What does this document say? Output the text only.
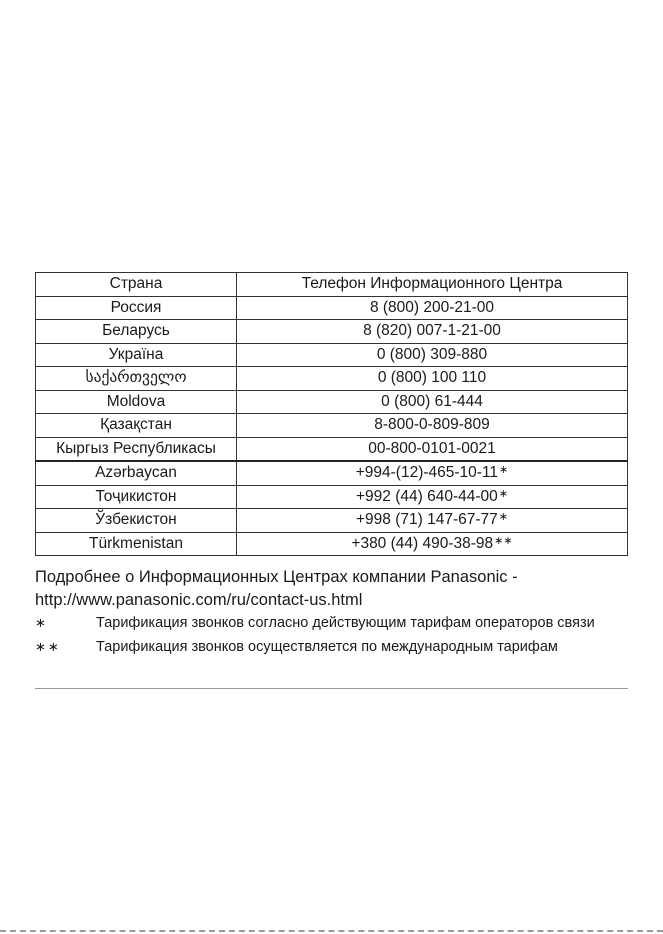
Страна	Телефон Информационного Центра
Россия	8 (800) 200-21-00
Беларусь	8 (820) 007-1-21-00
Україна	0 (800) 309-880
საქართველო	0 (800) 100 110
Moldova	0 (800) 61-444
Қазақстан	8-800-0-809-809
Кыргыз Республикасы	00-800-0101-0021
Azərbaycan	+994-(12)-465-10-11∗
Тоҷикистон	+992 (44) 640-44-00∗
Ўзбекистон	+998 (71) 147-67-77∗
Türkmenistan	+380 (44) 490-38-98∗∗
Подробнее о Информационных Центрах компании Panasonic -
http://www.panasonic.com/ru/contact-us.html
∗	Тарификация звонков согласно действующим тарифам операторов связи
∗∗ Тарификация звонков осуществляется по международным тарифам
